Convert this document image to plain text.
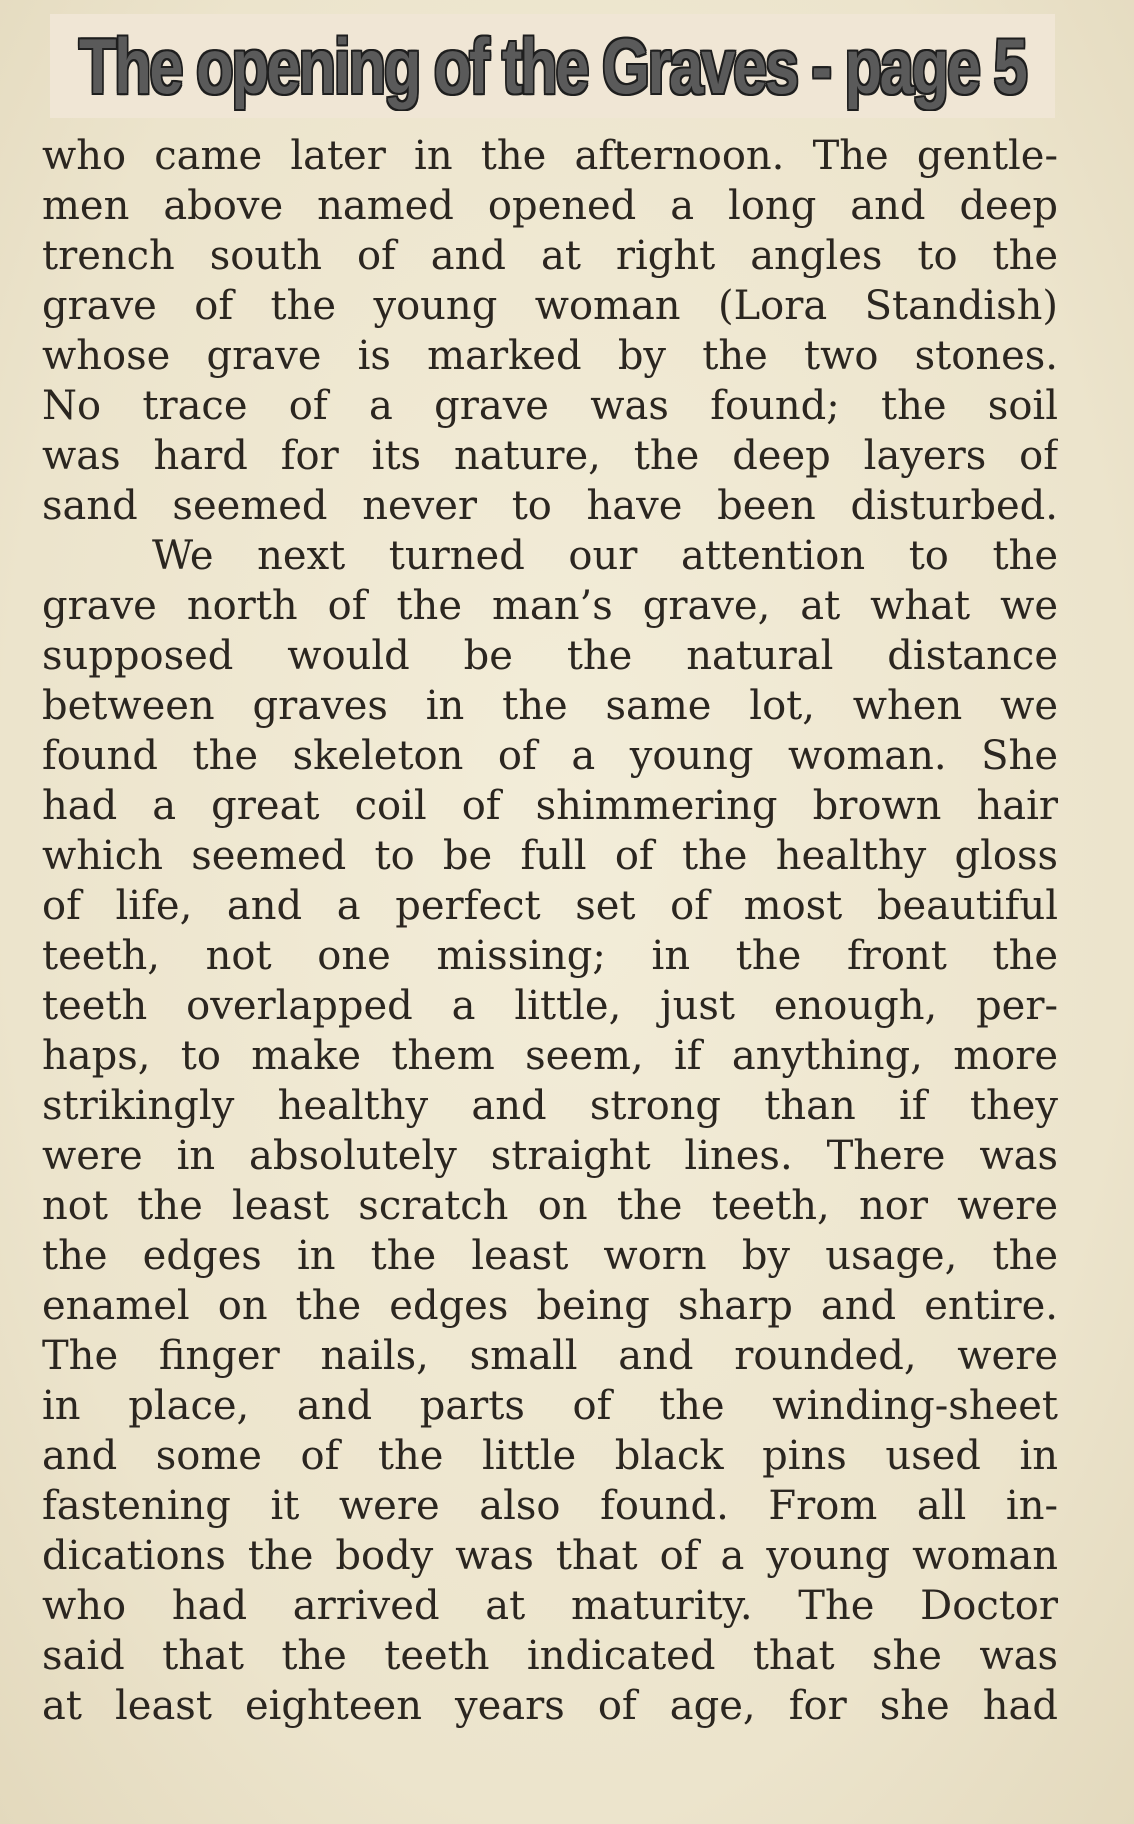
The opening of the Graves - page 5
who came later in the afternoon. The gentle-
men above named opened a long and deep
trench south of and at right angles to the
grave of the young woman (Lora Standish)
whose grave is marked by the two stones.
No trace of a grave was found; the soil
was hard for its nature, the deep layers of
sand seemed never to have been disturbed.
We next turned our attention to the
grave north of the man’s grave, at what we
supposed would be the natural distance
between graves in the same lot, when we
found the skeleton of a young woman. She
had a great coil of shimmering brown hair
which seemed to be full of the healthy gloss
of life, and a perfect set of most beautiful
teeth, not one missing; in the front the
teeth overlapped a little, just enough, per-
haps, to make them seem, if anything, more
strikingly healthy and strong than if they
were in absolutely straight lines. There was
not the least scratch on the teeth, nor were
the edges in the least worn by usage, the
enamel on the edges being sharp and entire.
The finger nails, small and rounded, were
in place, and parts of the winding-sheet
and some of the little black pins used in
fastening it were also found. From all in-
dications the body was that of a young woman
who had arrived at maturity. The Doctor
said that the teeth indicated that she was
at least eighteen years of age, for she had
